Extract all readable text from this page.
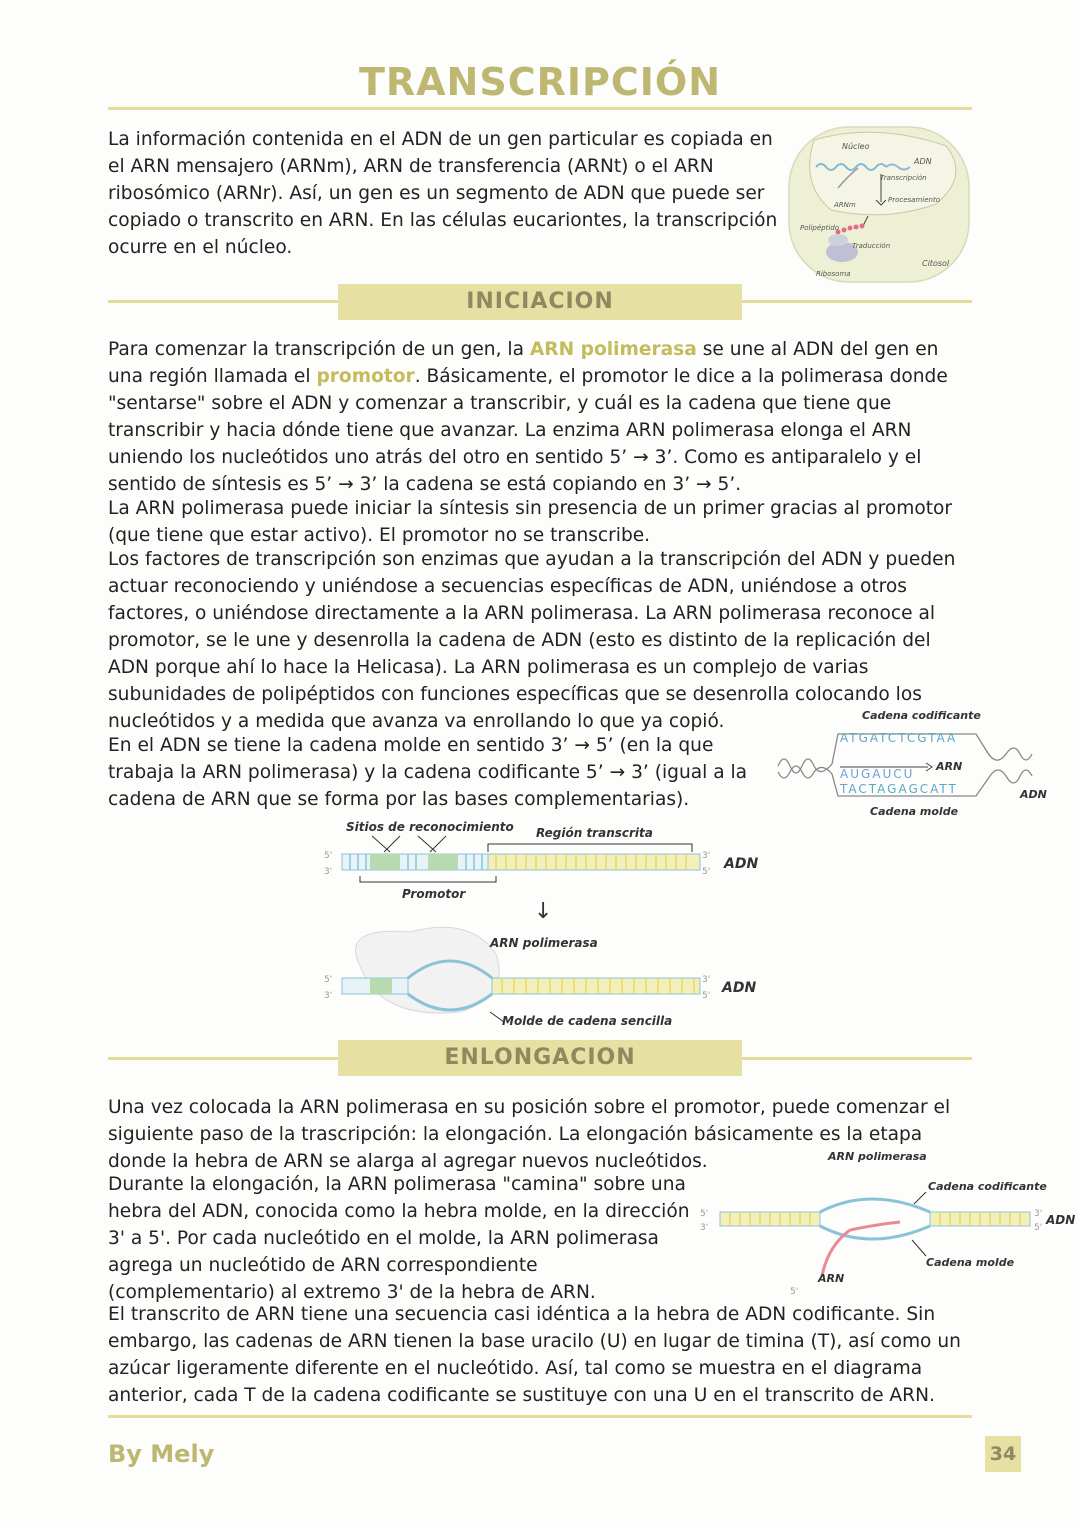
TRANSCRIPCIÓN

La información contenida en el ADN de un gen particular es copiada en el ARN mensajero (ARNm), ARN de transferencia (ARNt) o el ARN ribosómico (ARNr). Así, un gen es un segmento de ADN que puede ser copiado o transcrito en ARN. En las células eucariontes, la transcripción ocurre en el núcleo.

Núcleo
ADN
Transcripción
ARNm
Procesamiento
Polipéptido
Traducción
Citosol
Ribosoma
INICIACION

Para comenzar la transcripción de un gen, la ARN polimerasa se une al ADN del gen en una región llamada el promotor. Básicamente, el promotor le dice a la polimerasa donde "sentarse" sobre el ADN y comenzar a transcribir, y cuál es la cadena que tiene que transcribir y hacia dónde tiene que avanzar. La enzima ARN polimerasa elonga el ARN uniendo los nucleótidos uno atrás del otro en sentido 5’ → 3’. Como es antiparalelo y el sentido de síntesis es 5’ → 3’ la cadena se está copiando en 3’ → 5’.

La ARN polimerasa puede iniciar la síntesis sin presencia de un primer gracias al promotor (que tiene que estar activo). El promotor no se transcribe.

Los factores de transcripción son enzimas que ayudan a la transcripción del ADN y pueden actuar reconociendo y uniéndose a secuencias específicas de ADN, uniéndose a otros factores, o uniéndose directamente a la ARN polimerasa. La ARN polimerasa reconoce al promotor, se le une y desenrolla la cadena de ADN (esto es distinto de la replicación del ADN porque ahí lo hace la Helicasa). La ARN polimerasa es un complejo de varias subunidades de polipéptidos con funciones específicas que se desenrolla colocando los nucleótidos y a medida que avanza va enrollando lo que ya copió.

En el ADN se tiene la cadena molde en sentido 3’ → 5’ (en la que trabaja la ARN polimerasa) y la cadena codificante 5’ → 3’ (igual a la cadena de ARN que se forma por las bases complementarias).

Cadena codificante
ATGATCTCGTAA
AUGAUCU
ARN
TACTAGAGCATT
Cadena molde
ADN
Sitios de reconocimiento Región transcrita
5'
3'
3'
5' ADN
Promotor
↓
ARN polimerasa
5'
3'
3'
5' ADN
Molde de cadena sencilla
ENLONGACION

Una vez colocada la ARN polimerasa en su posición sobre el promotor, puede comenzar el siguiente paso de la trascripción: la elongación. La elongación básicamente es la etapa donde la hebra de ARN se alarga al agregar nuevos nucleótidos.

Durante la elongación, la ARN polimerasa "camina" sobre una hebra del ADN, conocida como la hebra molde, en la dirección 3' a 5'. Por cada nucleótido en el molde, la ARN polimerasa agrega un nucleótido de ARN correspondiente (complementario) al extremo 3' de la hebra de ARN.

El transcrito de ARN tiene una secuencia casi idéntica a la hebra de ADN codificante. Sin embargo, las cadenas de ARN tienen la base uracilo (U) en lugar de timina (T), así como un azúcar ligeramente diferente en el nucleótido. Así, tal como se muestra en el diagrama anterior, cada T de la cadena codificante se sustituye con una U en el transcrito de ARN.

ARN polimerasa
Cadena codificante
5'
3'
3'
5'
ADN
Cadena molde
ARN
5'
By Mely	34
